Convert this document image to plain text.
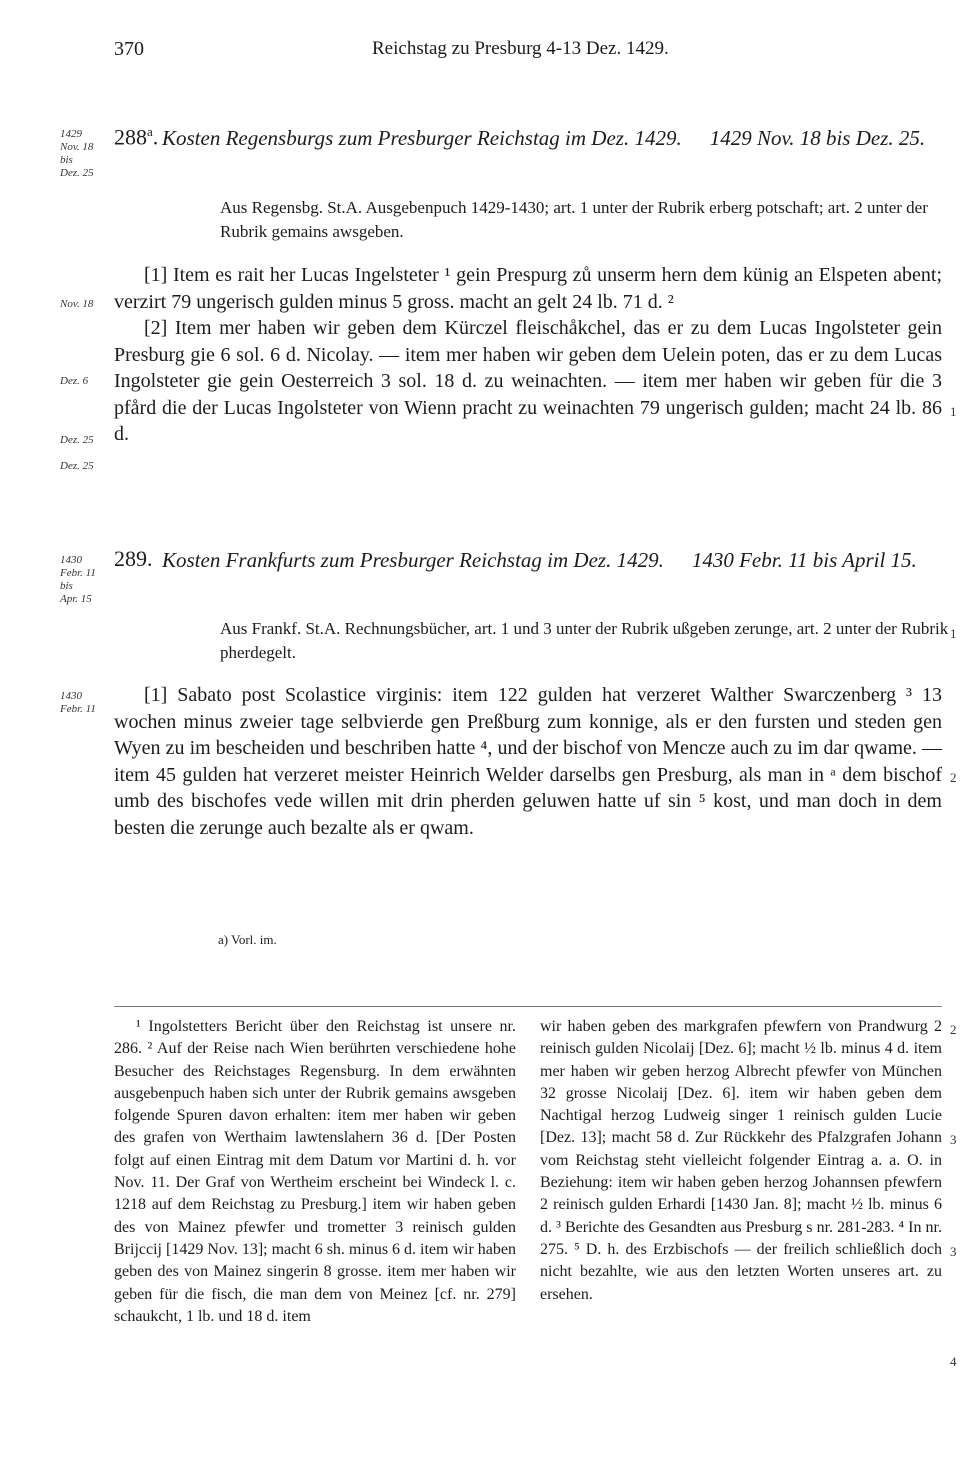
370	Reichstag zu Presburg 4-13 Dez. 1429.
1429
Nov. 18
bis
Dez. 25
288$^a$. Kosten Regensburgs zum Presburger Reichstag im Dez. 1429. 1429 Nov. 18 bis Dez. 25.
Aus Regensbg. St.A. Ausgebenpuch 1429-1430; art. 1 unter der Rubrik erberg potschaft; art. 2 unter der Rubrik gemains awsgeben.
Nov. 18
Dez. 6
Dez. 25
Dez. 25
1

[1] Item es rait her Lucas Ingelsteter ¹ gein Prespurg zů unserm hern dem künig an Elspeten abent; verzirt 79 ungerisch gulden minus 5 gross. macht an gelt 24 lb. 71 d. ²

[2] Item mer haben wir geben dem Kürczel fleischåkchel, das er zu dem Lucas Ingolsteter gein Presburg gie 6 sol. 6 d. Nicolay. — item mer haben wir geben dem Uelein poten, das er zu dem Lucas Ingolsteter gie gein Oesterreich 3 sol. 18 d. zu weinachten. — item mer haben wir geben für die 3 pfård die der Lucas Ingolsteter von Wienn pracht zu weinachten 79 ungerisch gulden; macht 24 lb. 86 d.

1430
Febr. 11
bis
Apr. 15
289. Kosten Frankfurts zum Presburger Reichstag im Dez. 1429. 1430 Febr. 11 bis April 15.
Aus Frankf. St.A. Rechnungsbücher, art. 1 und 3 unter der Rubrik ußgeben zerunge, art. 2 unter der Rubrik pherdegelt.
1430
Febr. 11
1
2

[1] Sabato post Scolastice virginis: item 122 gulden hat verzeret Walther Swarczenberg ³ 13 wochen minus zweier tage selbvierde gen Preßburg zum konnige, als er den fursten und steden gen Wyen zu im bescheiden und beschriben hatte ⁴, und der bischof von Mencze auch zu im dar qwame. — item 45 gulden hat verzeret meister Heinrich Welder darselbs gen Presburg, als man in ᵃ dem bischof umb des bischofes vede willen mit drin pherden geluwen hatte uf sin ⁵ kost, und man doch in dem besten die zerunge auch bezalte als er qwam.

a) Vorl. im.

¹ Ingolstetters Bericht über den Reichstag ist unsere nr. 286. ² Auf der Reise nach Wien berührten verschiedene hohe Besucher des Reichstages Regensburg. In dem erwähnten ausgebenpuch haben sich unter der Rubrik gemains awsgeben folgende Spuren davon erhalten: item mer haben wir geben des grafen von Werthaim lawtenslahern 36 d. [Der Posten folgt auf einen Eintrag mit dem Datum vor Martini d. h. vor Nov. 11. Der Graf von Wertheim erscheint bei Windeck l. c. 1218 auf dem Reichstag zu Presburg.] item wir haben geben des von Mainez pfewfer und trometter 3 reinisch gulden Brijccij [1429 Nov. 13]; macht 6 sh. minus 6 d. item wir haben geben des von Mainez singerin 8 grosse. item mer haben wir geben für die fisch, die man dem von Meinez [cf. nr. 279] schaukcht, 1 lb. und 18 d. item

wir haben geben des markgrafen pfewfern von Prandwurg 2 reinisch gulden Nicolaij [Dez. 6]; macht ½ lb. minus 4 d. item mer haben wir geben herzog Albrecht pfewfer von München 32 grosse Nicolaij [Dez. 6]. item wir haben geben dem Nachtigal herzog Ludweig singer 1 reinisch gulden Lucie [Dez. 13]; macht 58 d. Zur Rückkehr des Pfalzgrafen Johann vom Reichstag steht vielleicht folgender Eintrag a. a. O. in Beziehung: item wir haben geben herzog Johannsen pfewfern 2 reinisch gulden Erhardi [1430 Jan. 8]; macht ½ lb. minus 6 d. ³ Berichte des Gesandten aus Presburg s nr. 281-283. ⁴ In nr. 275. ⁵ D. h. des Erzbischofs — der freilich schließlich doch nicht bezahlte, wie aus den letzten Worten unseres art. zu ersehen.

2
3
3
4
